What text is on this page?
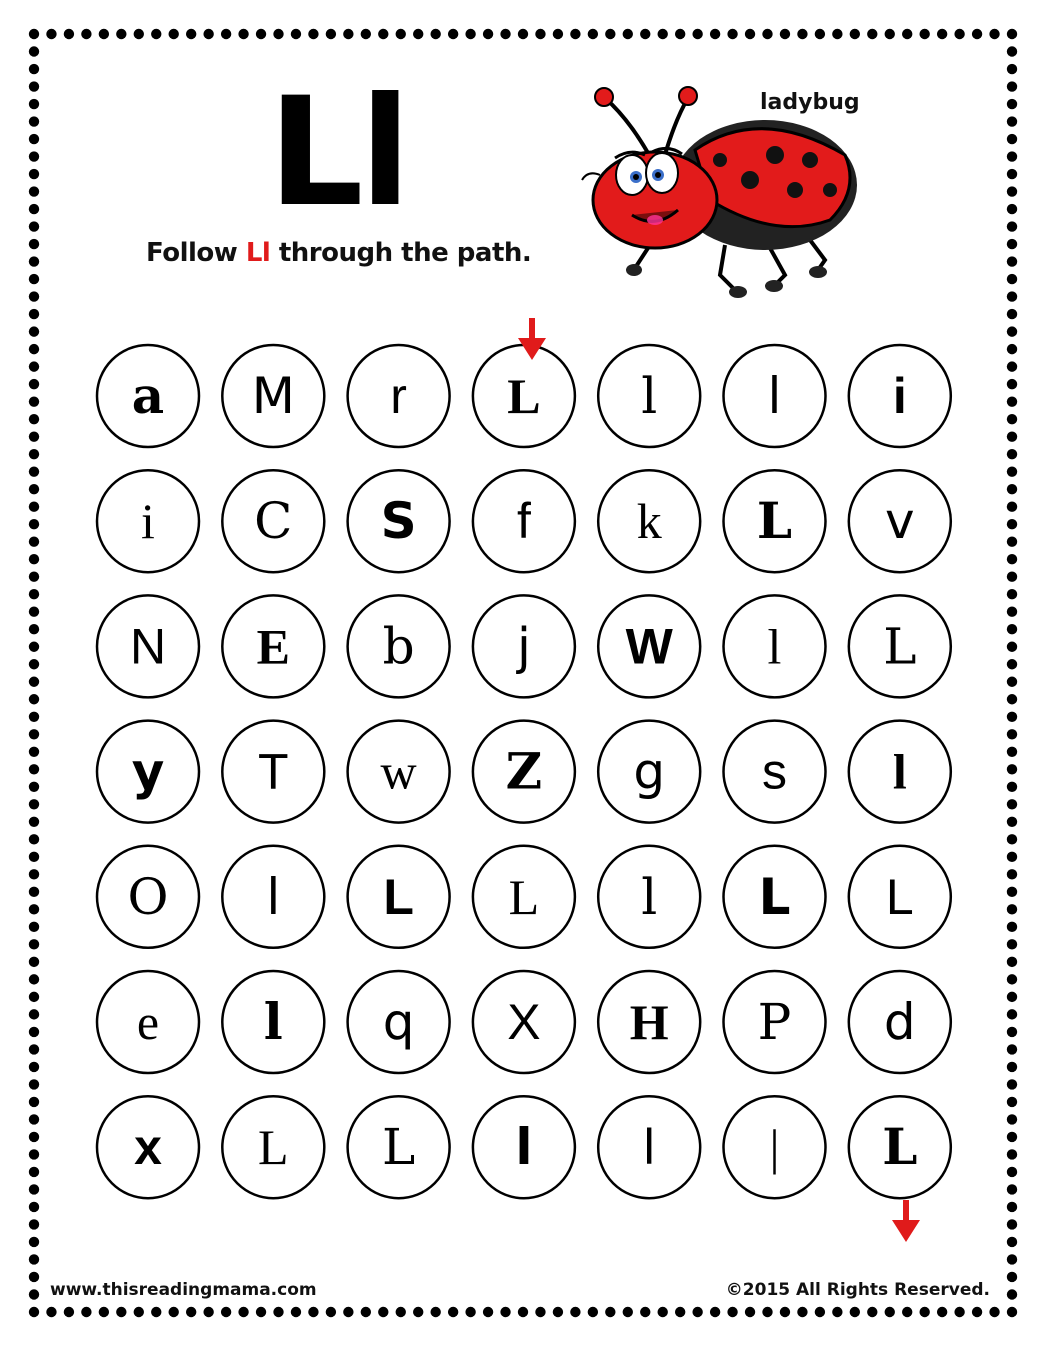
Ll
Follow Ll through the path.
ladybug
a M r L l l i
i C S f k L v
N E b j W l L
y T w Z g s l
O l L L l L L
e l q X H P d
x L L l l | L
www.thisreadingmama.com	©2015 All Rights Reserved.
